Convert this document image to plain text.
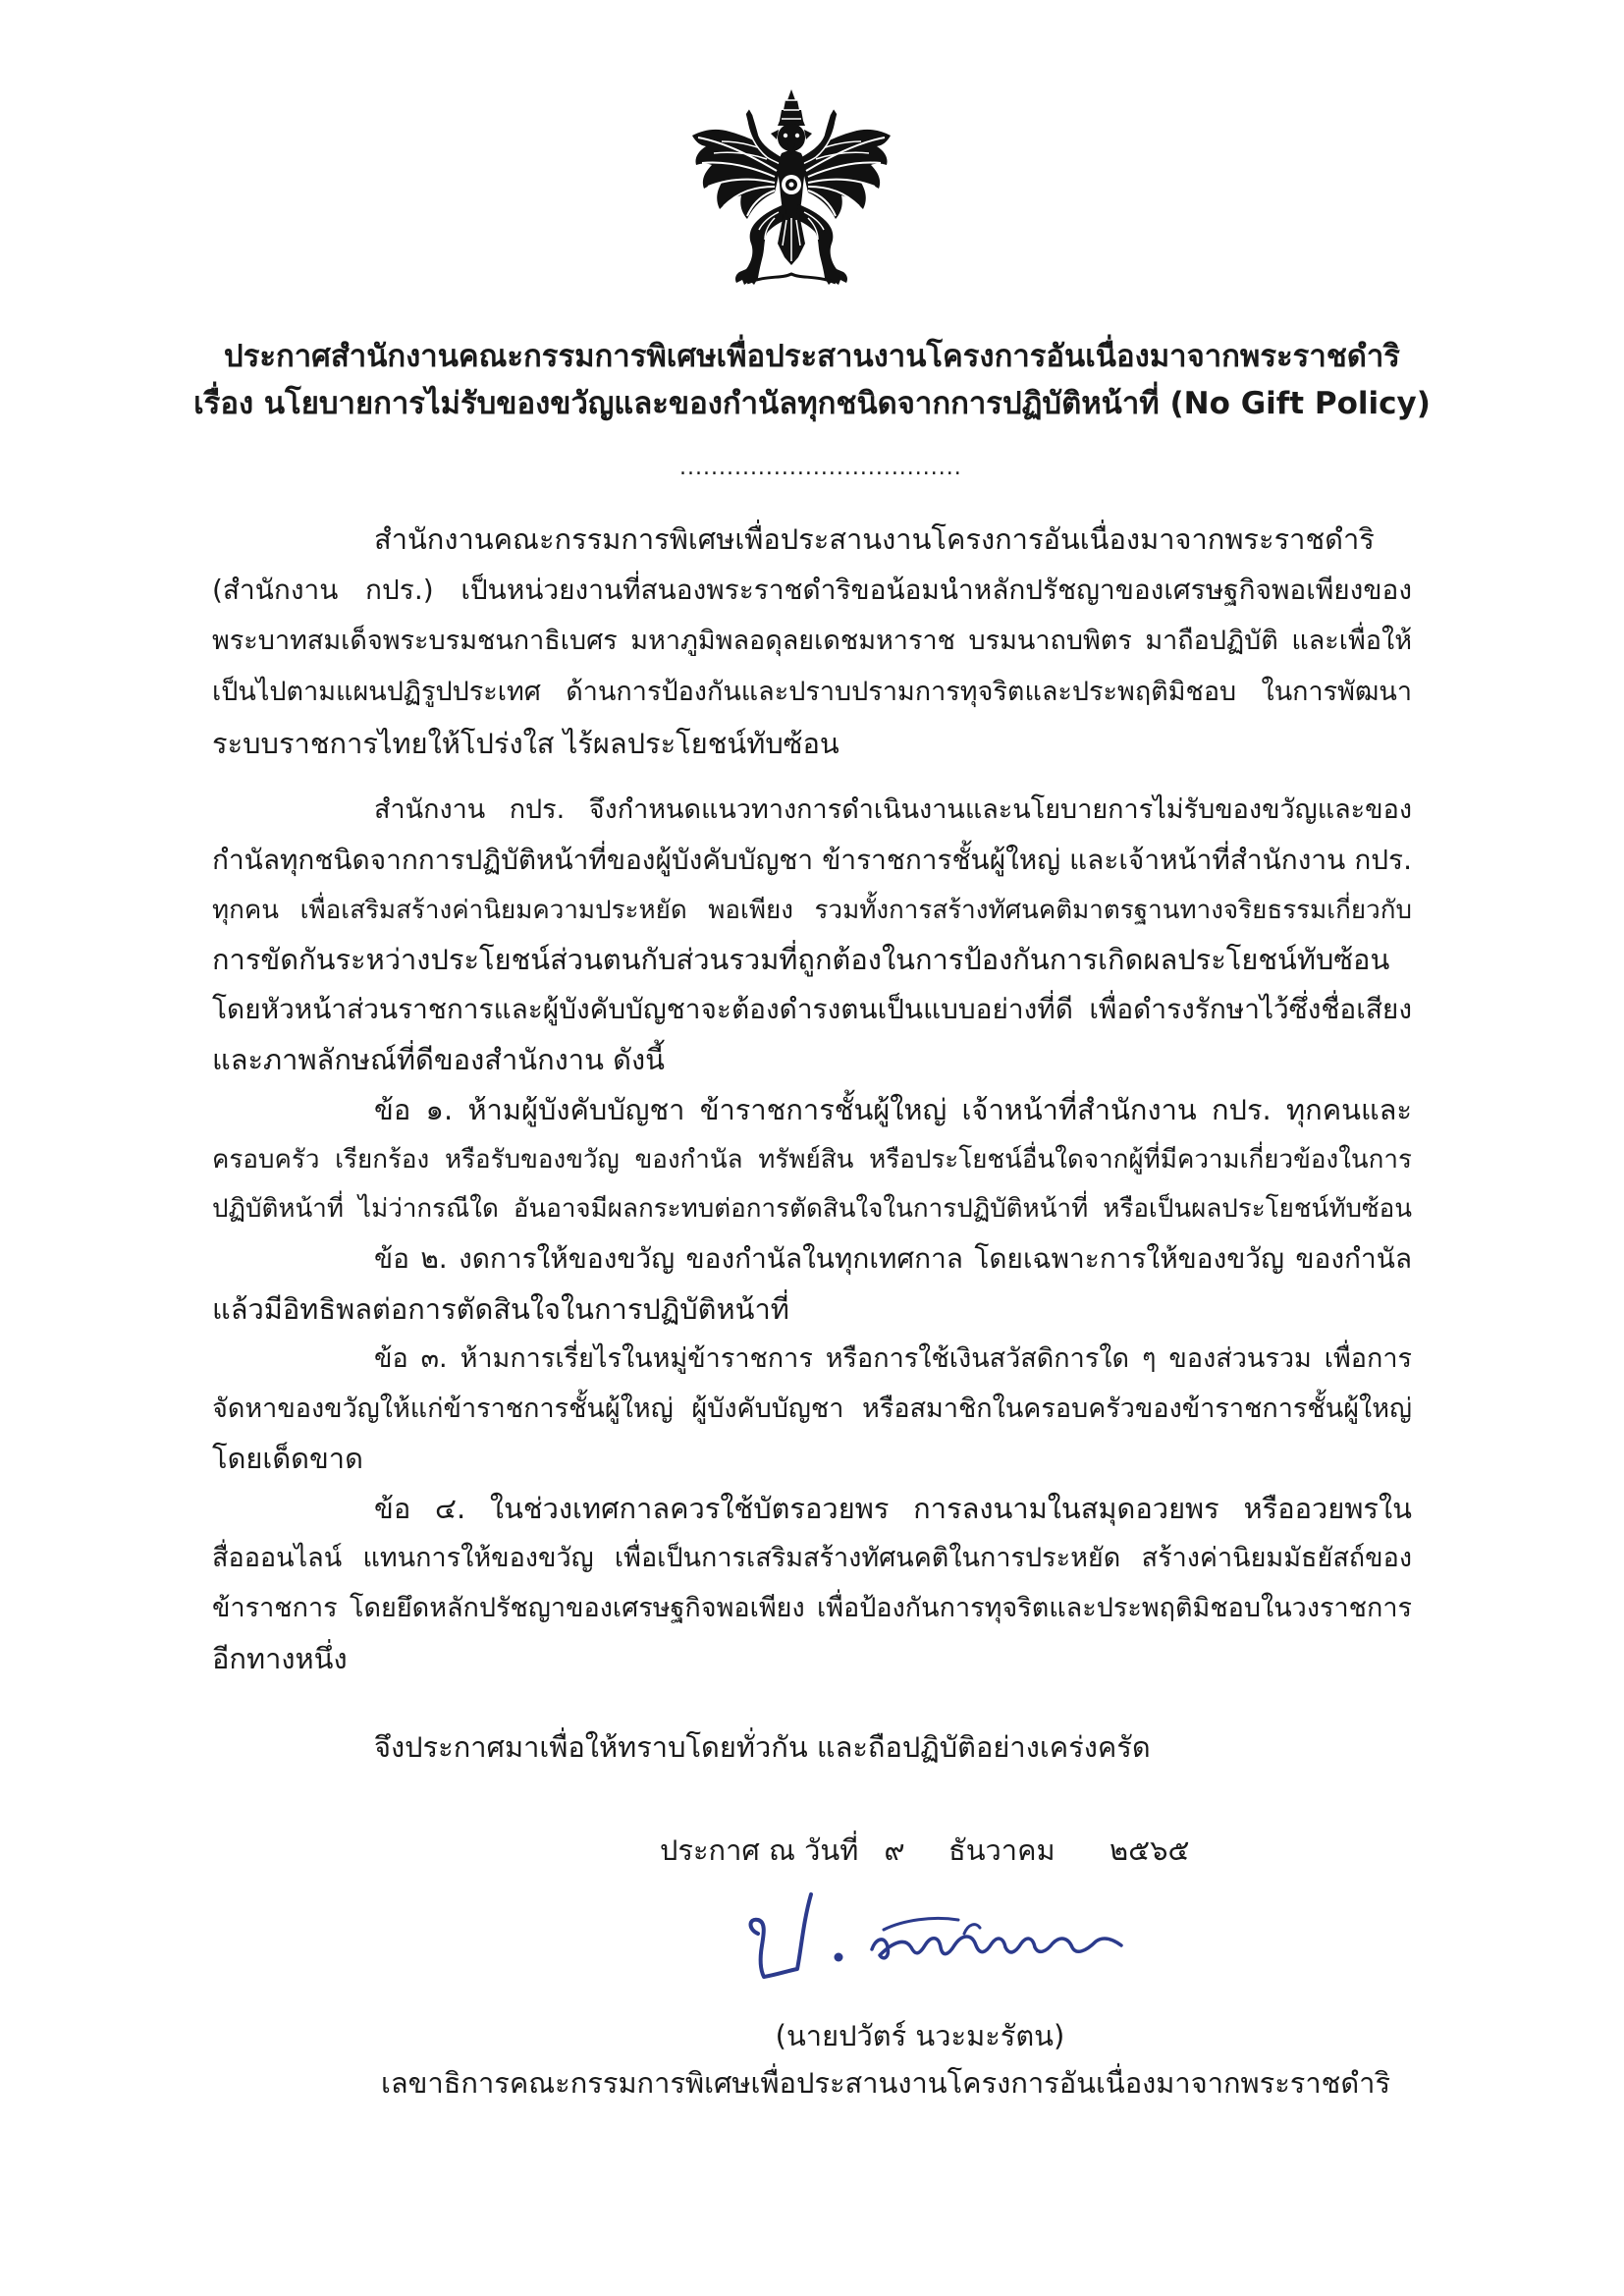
ประกาศสำนักงานคณะกรรมการพิเศษเพื่อประสานงานโครงการอันเนื่องมาจากพระราชดำริ
เรื่อง นโยบายการไม่รับของขวัญและของกำนัลทุกชนิดจากการปฏิบัติหน้าที่ (No Gift Policy)
....................................
สำนักงานคณะกรรมการพิเศษเพื่อประสานงานโครงการอันเนื่องมาจากพระราชดำริ
(สำนักงาน กปร.) เป็นหน่วยงานที่สนองพระราชดำริขอน้อมนำหลักปรัชญาของเศรษฐกิจพอเพียงของ
พระบาทสมเด็จพระบรมชนกาธิเบศร มหาภูมิพลอดุลยเดชมหาราช บรมนาถบพิตร มาถือปฏิบัติ และเพื่อให้
เป็นไปตามแผนปฏิรูปประเทศ ด้านการป้องกันและปราบปรามการทุจริตและประพฤติมิชอบ ในการพัฒนา
ระบบราชการไทยให้โปร่งใส ไร้ผลประโยชน์ทับซ้อน
สำนักงาน กปร. จึงกำหนดแนวทางการดำเนินงานและนโยบายการไม่รับของขวัญและของ
กำนัลทุกชนิดจากการปฏิบัติหน้าที่ของผู้บังคับบัญชา ข้าราชการชั้นผู้ใหญ่ และเจ้าหน้าที่สำนักงาน กปร.
ทุกคน เพื่อเสริมสร้างค่านิยมความประหยัด พอเพียง รวมทั้งการสร้างทัศนคติมาตรฐานทางจริยธรรมเกี่ยวกับ
การขัดกันระหว่างประโยชน์ส่วนตนกับส่วนรวมที่ถูกต้องในการป้องกันการเกิดผลประโยชน์ทับซ้อน
โดยหัวหน้าส่วนราชการและผู้บังคับบัญชาจะต้องดำรงตนเป็นแบบอย่างที่ดี เพื่อดำรงรักษาไว้ซึ่งชื่อเสียง
และภาพลักษณ์ที่ดีของสำนักงาน ดังนี้
ข้อ ๑. ห้ามผู้บังคับบัญชา ข้าราชการชั้นผู้ใหญ่ เจ้าหน้าที่สำนักงาน กปร. ทุกคนและ
ครอบครัว เรียกร้อง หรือรับของขวัญ ของกำนัล ทรัพย์สิน หรือประโยชน์อื่นใดจากผู้ที่มีความเกี่ยวข้องในการ
ปฏิบัติหน้าที่ ไม่ว่ากรณีใด อันอาจมีผลกระทบต่อการตัดสินใจในการปฏิบัติหน้าที่ หรือเป็นผลประโยชน์ทับซ้อน
ข้อ ๒. งดการให้ของขวัญ ของกำนัลในทุกเทศกาล โดยเฉพาะการให้ของขวัญ ของกำนัล
แล้วมีอิทธิพลต่อการตัดสินใจในการปฏิบัติหน้าที่
ข้อ ๓. ห้ามการเรี่ยไรในหมู่ข้าราชการ หรือการใช้เงินสวัสดิการใด ๆ ของส่วนรวม เพื่อการ
จัดหาของขวัญให้แก่ข้าราชการชั้นผู้ใหญ่ ผู้บังคับบัญชา หรือสมาชิกในครอบครัวของข้าราชการชั้นผู้ใหญ่
โดยเด็ดขาด
ข้อ ๔. ในช่วงเทศกาลควรใช้บัตรอวยพร การลงนามในสมุดอวยพร หรืออวยพรใน
สื่อออนไลน์ แทนการให้ของขวัญ เพื่อเป็นการเสริมสร้างทัศนคติในการประหยัด สร้างค่านิยมมัธยัสถ์ของ
ข้าราชการ โดยยึดหลักปรัชญาของเศรษฐกิจพอเพียง เพื่อป้องกันการทุจริตและประพฤติมิชอบในวงราชการ
อีกทางหนึ่ง
จึงประกาศมาเพื่อให้ทราบโดยทั่วกัน และถือปฏิบัติอย่างเคร่งครัด
ประกาศ ณ วันที่ ๙ ธันวาคม	๒๕๖๕
(นายปวัตร์ นวะมะรัตน)
เลขาธิการคณะกรรมการพิเศษเพื่อประสานงานโครงการอันเนื่องมาจากพระราชดำริ
